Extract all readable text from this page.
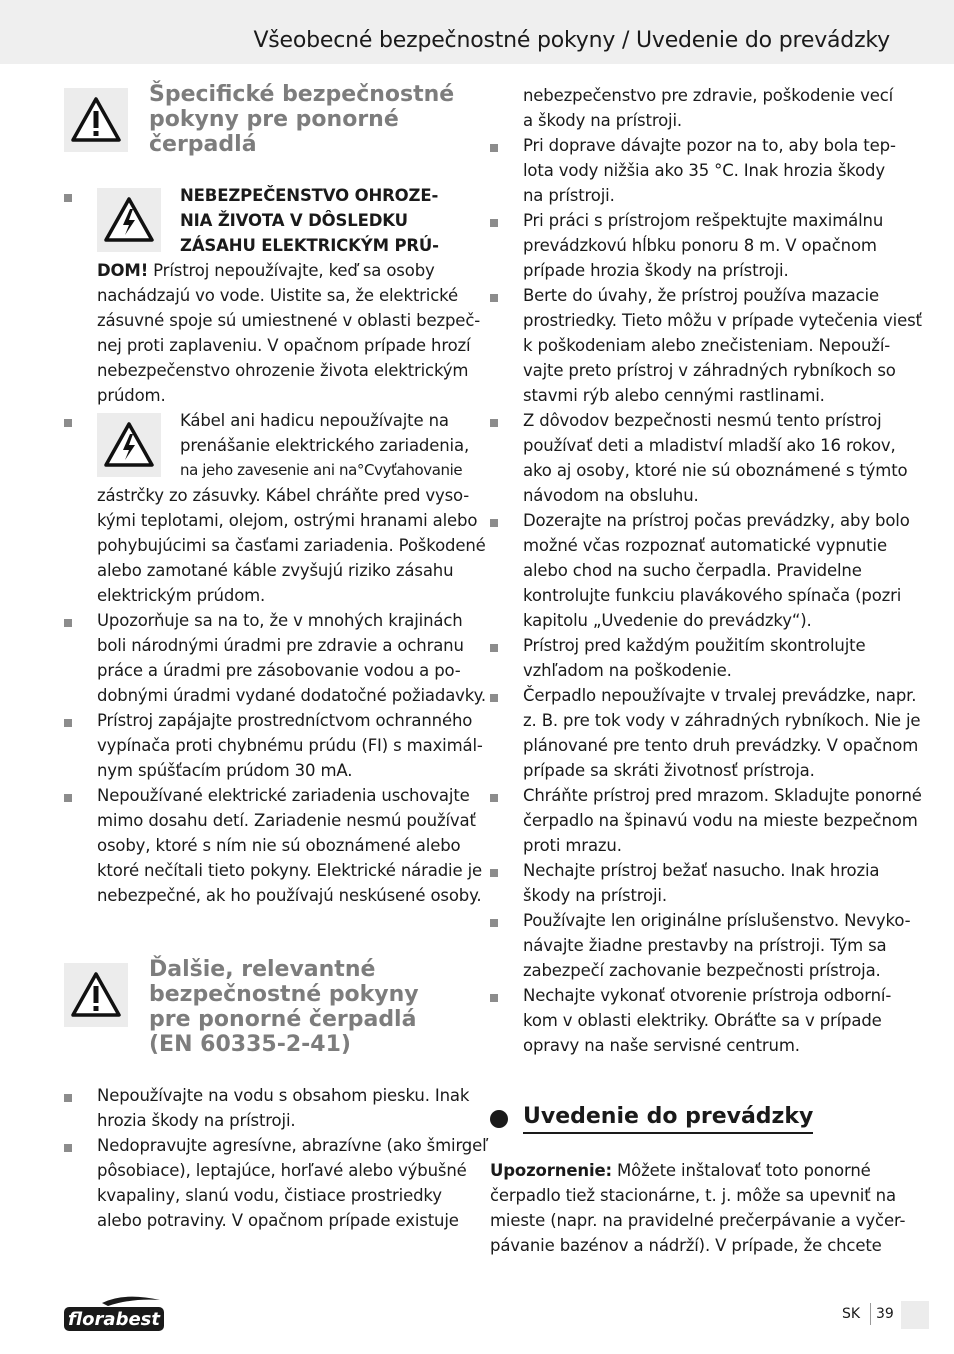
Všeobecné bezpečnostné pokyny / Uvedenie do prevádzky
Špecifické bezpečnostné
pokyny pre ponorné
čerpadlá
NEBEZPEČENSTVO OHROZE-
NIA ŽIVOTA V DÔSLEDKU
ZÁSAHU ELEKTRICKÝM PRÚ-
DOM! Prístroj nepoužívajte, keď sa osoby
nachádzajú vo vode. Uistite sa, že elektrické
zásuvné spoje sú umiestnené v oblasti bezpeč-
nej proti zaplaveniu. V opačnom prípade hrozí
nebezpečenstvo ohrozenie života elektrickým
prúdom.
Kábel ani hadicu nepoužívajte na
prenášanie elektrického zariadenia,
na jeho zavesenie ani na°Cvyťahovanie
zástrčky zo zásuvky. Kábel chráňte pred vyso-
kými teplotami, olejom, ostrými hranami alebo
pohybujúcimi sa časťami zariadenia. Poškodené
alebo zamotané káble zvyšujú riziko zásahu
elektrickým prúdom.
Upozorňuje sa na to, že v mnohých krajinách
boli národnými úradmi pre zdravie a ochranu
práce a úradmi pre zásobovanie vodou a po-
dobnými úradmi vydané dodatočné požiadavky.
Prístroj zapájajte prostredníctvom ochranného
vypínača proti chybnému prúdu (FI) s maximál-
nym spúšťacím prúdom 30 mA.
Nepoužívané elektrické zariadenia uschovajte
mimo dosahu detí. Zariadenie nesmú používať
osoby, ktoré s ním nie sú oboznámené alebo
ktoré nečítali tieto pokyny. Elektrické náradie je
nebezpečné, ak ho používajú neskúsené osoby.
Ďalšie, relevantné
bezpečnostné pokyny
pre ponorné čerpadlá
(EN 60335-2-41)
Nepoužívajte na vodu s obsahom piesku. Inak
hrozia škody na prístroji.
Nedopravujte agresívne, abrazívne (ako šmirgeľ
pôsobiace), leptajúce, horľavé alebo výbušné
kvapaliny, slanú vodu, čistiace prostriedky
alebo potraviny. V opačnom prípade existuje
nebezpečenstvo pre zdravie, poškodenie vecí
a škody na prístroji.
Pri doprave dávajte pozor na to, aby bola tep-
lota vody nižšia ako 35 °C. Inak hrozia škody
na prístroji.
Pri práci s prístrojom rešpektujte maximálnu
prevádzkovú hĺbku ponoru 8 m. V opačnom
prípade hrozia škody na prístroji.
Berte do úvahy, že prístroj používa mazacie
prostriedky. Tieto môžu v prípade vytečenia viesť
k poškodeniam alebo znečisteniam. Nepouží-
vajte preto prístroj v záhradných rybníkoch so
stavmi rýb alebo cennými rastlinami.
Z dôvodov bezpečnosti nesmú tento prístroj
používať deti a mladiství mladší ako 16 rokov,
ako aj osoby, ktoré nie sú oboznámené s týmto
návodom na obsluhu.
Dozerajte na prístroj počas prevádzky, aby bolo
možné včas rozpoznať automatické vypnutie
alebo chod na sucho čerpadla. Pravidelne
kontrolujte funkciu plavákového spínača (pozri
kapitolu „Uvedenie do prevádzky“).
Prístroj pred každým použitím skontrolujte
vzhľadom na poškodenie.
Čerpadlo nepoužívajte v trvalej prevádzke, napr.
z. B. pre tok vody v záhradných rybníkoch. Nie je
plánované pre tento druh prevádzky. V opačnom
prípade sa skráti životnosť prístroja.
Chráňte prístroj pred mrazom. Skladujte ponorné
čerpadlo na špinavú vodu na mieste bezpečnom
proti mrazu.
Nechajte prístroj bežať nasucho. Inak hrozia
škody na prístroji.
Používajte len originálne príslušenstvo. Nevyko-
návajte žiadne prestavby na prístroji. Tým sa
zabezpečí zachovanie bezpečnosti prístroja.
Nechajte vykonať otvorenie prístroja odborní-
kom v oblasti elektriky. Obráťte sa v prípade
opravy na naše servisné centrum.
Uvedenie do prevádzky
Upozornenie: Môžete inštalovať toto ponorné
čerpadlo tiež stacionárne, t. j. môže sa upevniť na
mieste (napr. na pravidelné prečerpávanie a vyčer-
pávanie bazénov a nádrží). V prípade, že chcete
florabest	SK 39
